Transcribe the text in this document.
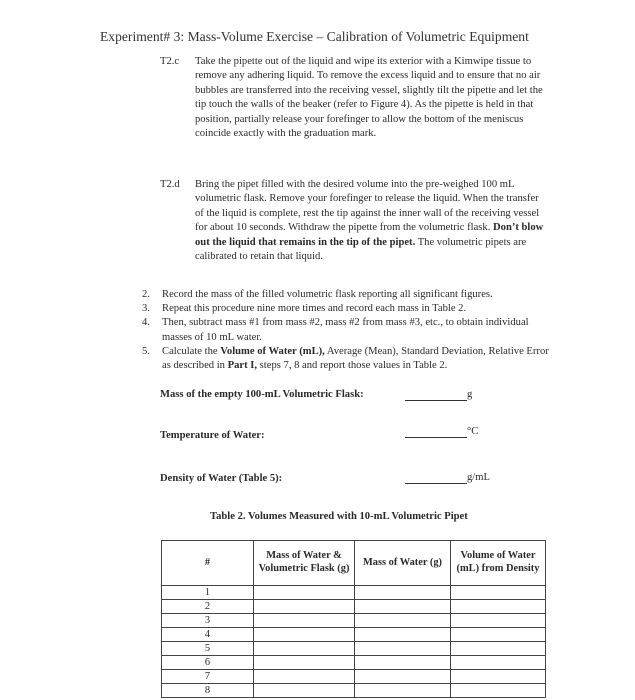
Experiment# 3: Mass-Volume Exercise – Calibration of Volumetric Equipment
T2.c Take the pipette out of the liquid and wipe its exterior with a Kimwipe tissue to remove any adhering liquid. To remove the excess liquid and to ensure that no air bubbles are transferred into the receiving vessel, slightly tilt the pipette and let the tip touch the walls of the beaker (refer to Figure 4). As the pipette is held in that position, partially release your forefinger to allow the bottom of the meniscus coincide exactly with the graduation mark.
T2.d Bring the pipet filled with the desired volume into the pre-weighed 100 mL volumetric flask. Remove your forefinger to release the liquid. When the transfer of the liquid is complete, rest the tip against the inner wall of the receiving vessel for about 10 seconds. Withdraw the pipette from the volumetric flask. Don’t blow out the liquid that remains in the tip of the pipet. The volumetric pipets are calibrated to retain that liquid.
2. Record the mass of the filled volumetric flask reporting all significant figures.
3. Repeat this procedure nine more times and record each mass in Table 2.
4. Then, subtract mass #1 from mass #2, mass #2 from mass #3, etc., to obtain individual masses of 10 mL water.
5. Calculate the Volume of Water (mL), Average (Mean), Standard Deviation, Relative Error as described in Part I, steps 7, 8 and report those values in Table 2.
Mass of the empty 100-mL Volumetric Flask:	g
Temperature of Water:	°C
Density of Water (Table 5):	g/mL
Table 2. Volumes Measured with 10-mL Volumetric Pipet
#	Mass of Water & Volumetric Flask (g)	Mass of Water (g)	Volume of Water (mL) from Density
1			
2			
3			
4			
5			
6			
7			
8			
